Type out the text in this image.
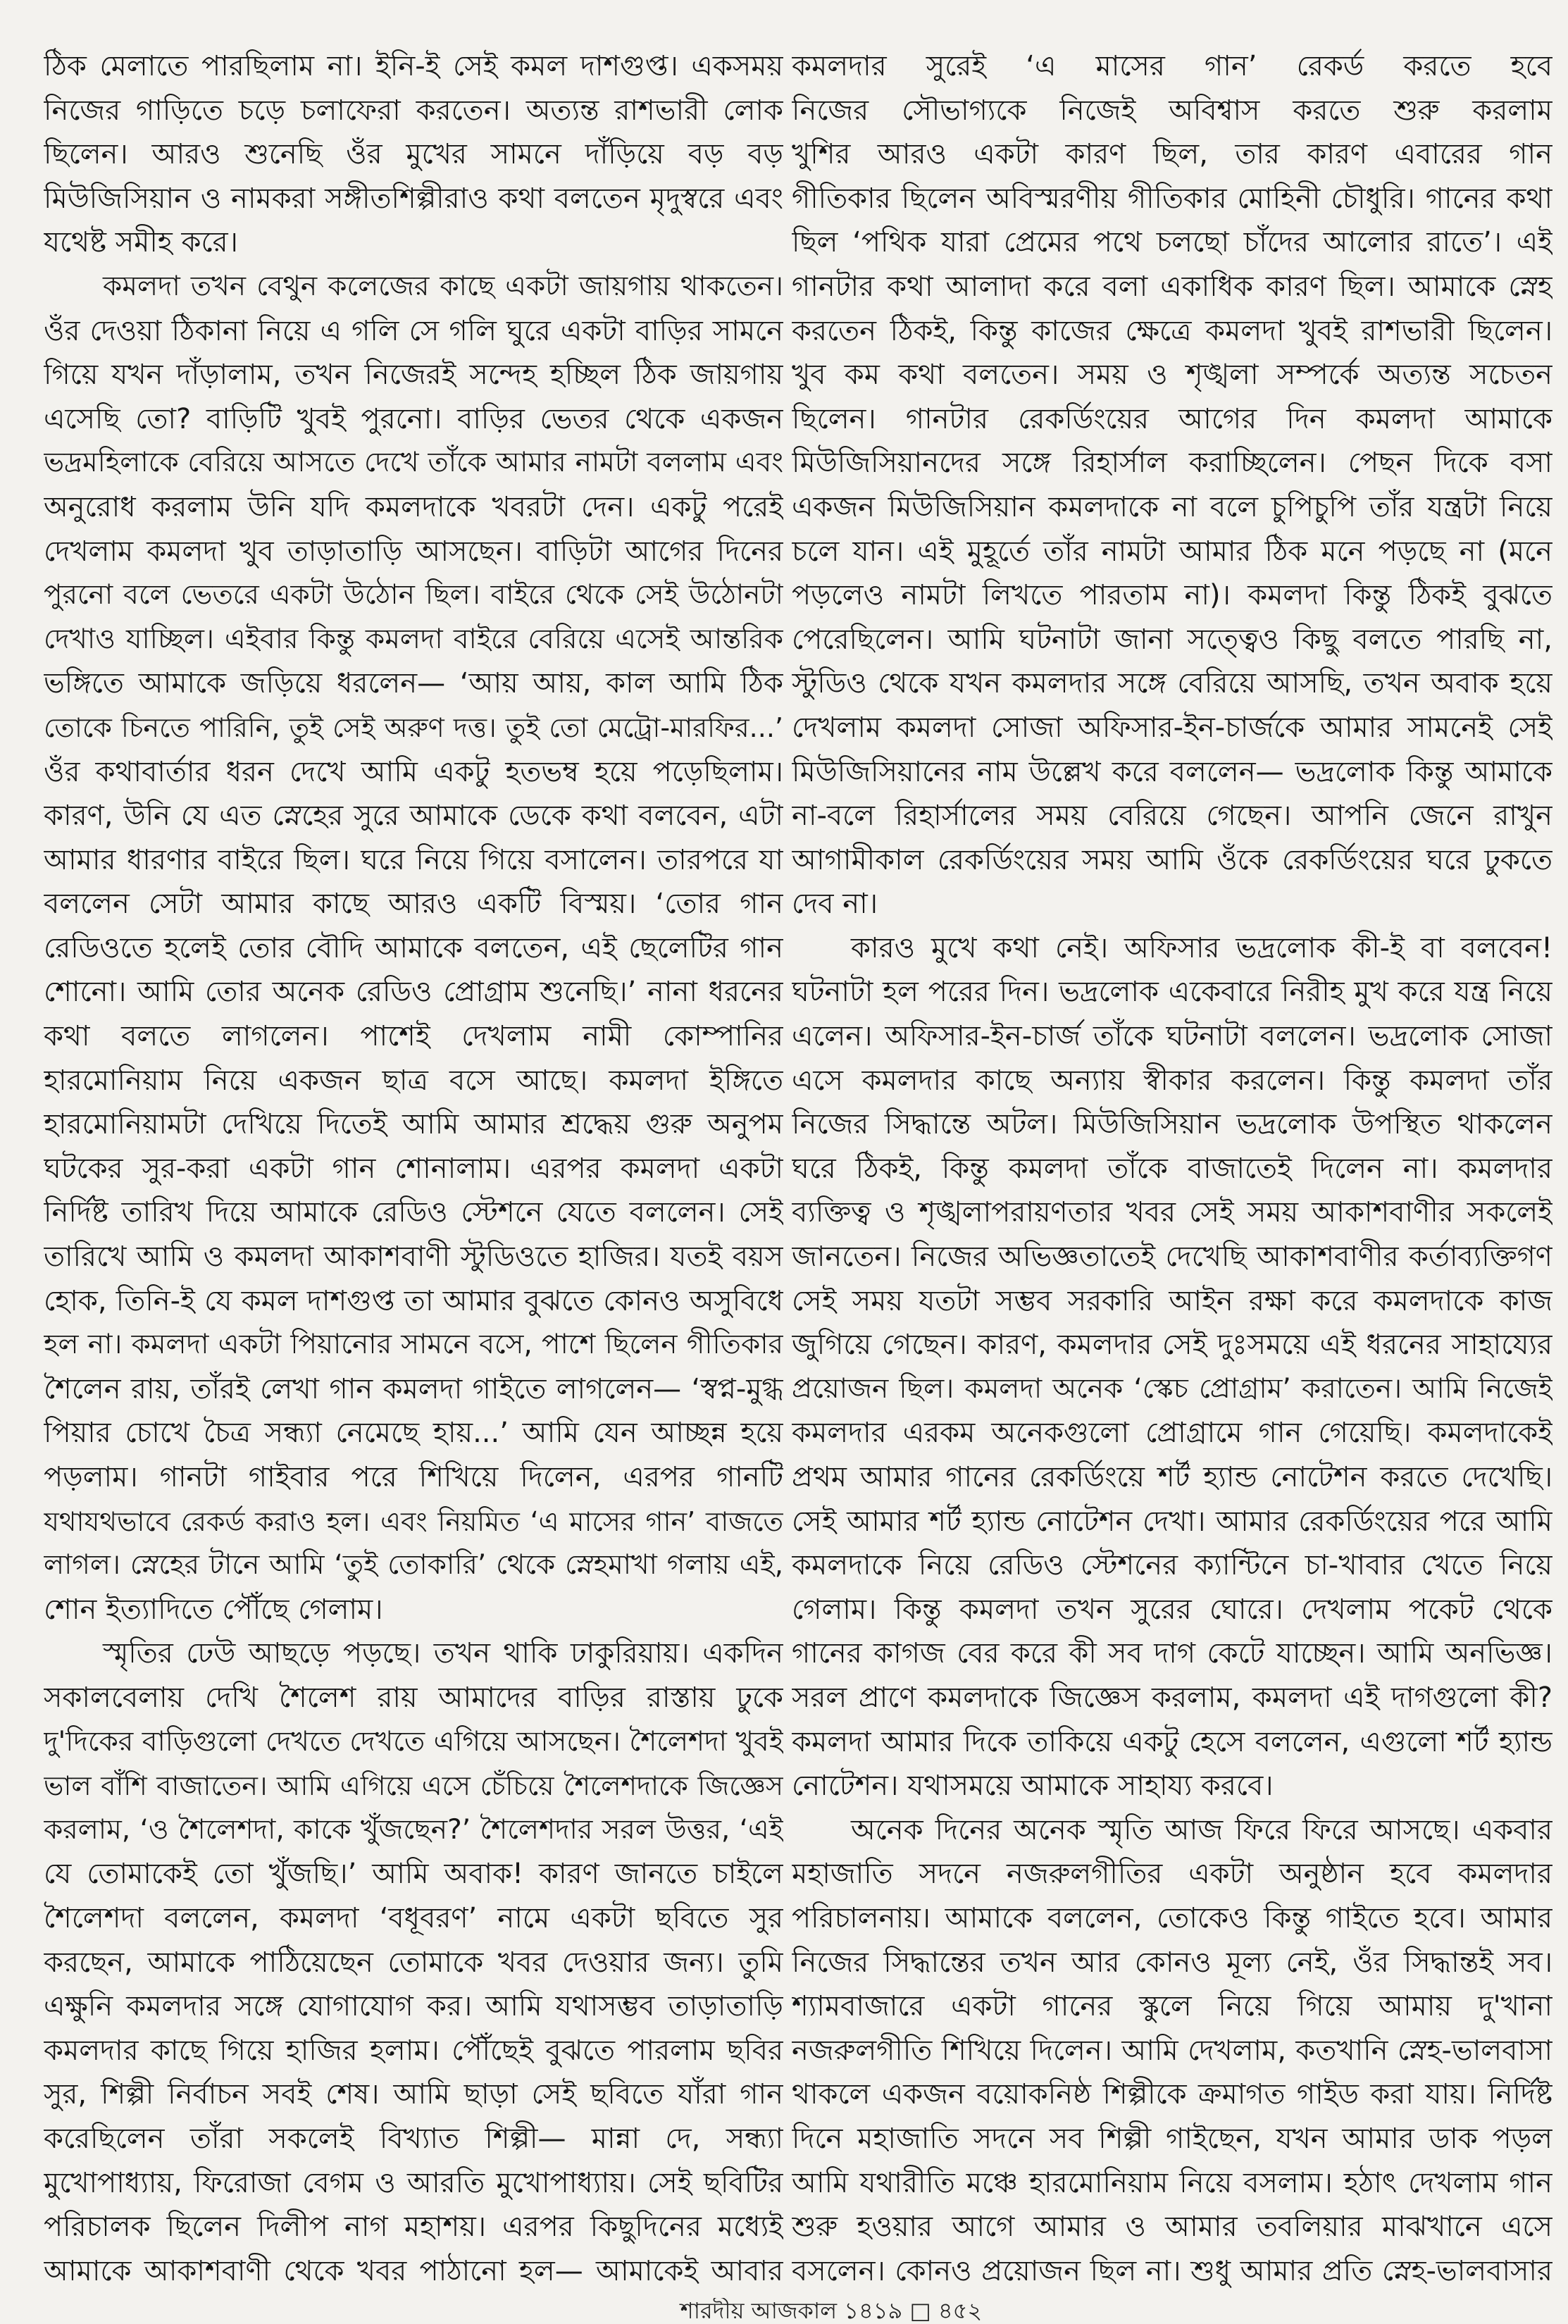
ঠিক মেলাতে পারছিলাম না। ইনি-ই সেই কমল দাশগুপ্ত। একসময়
নিজের গাড়িতে চড়ে চলাফেরা করতেন। অত্যন্ত রাশভারী লোক
ছিলেন। আরও শুনেছি ওঁর মুখের সামনে দাঁড়িয়ে বড় বড়
মিউজিসিয়ান ও নামকরা সঙ্গীতশিল্পীরাও কথা বলতেন মৃদুস্বরে এবং
যথেষ্ট সমীহ করে।
কমলদা তখন বেথুন কলেজের কাছে একটা জায়গায় থাকতেন।
ওঁর দেওয়া ঠিকানা নিয়ে এ গলি সে গলি ঘুরে একটা বাড়ির সামনে
গিয়ে যখন দাঁড়ালাম, তখন নিজেরই সন্দেহ হচ্ছিল ঠিক জায়গায়
এসেছি তো? বাড়িটি খুবই পুরনো। বাড়ির ভেতর থেকে একজন
ভদ্রমহিলাকে বেরিয়ে আসতে দেখে তাঁকে আমার নামটা বললাম এবং
অনুরোধ করলাম উনি যদি কমলদাকে খবরটা দেন। একটু পরেই
দেখলাম কমলদা খুব তাড়াতাড়ি আসছেন। বাড়িটা আগের দিনের
পুরনো বলে ভেতরে একটা উঠোন ছিল। বাইরে থেকে সেই উঠোনটা
দেখাও যাচ্ছিল। এইবার কিন্তু কমলদা বাইরে বেরিয়ে এসেই আন্তরিক
ভঙ্গিতে আমাকে জড়িয়ে ধরলেন— ‘আয় আয়, কাল আমি ঠিক
তোকে চিনতে পারিনি, তুই সেই অরুণ দত্ত। তুই তো মেট্রো-মারফির...’
ওঁর কথাবার্তার ধরন দেখে আমি একটু হতভম্ব হয়ে পড়েছিলাম।
কারণ, উনি যে এত স্নেহের সুরে আমাকে ডেকে কথা বলবেন, এটা
আমার ধারণার বাইরে ছিল। ঘরে নিয়ে গিয়ে বসালেন। তারপরে যা
বললেন সেটা আমার কাছে আরও একটি বিস্ময়। ‘তোর গান
রেডিওতে হলেই তোর বৌদি আমাকে বলতেন, এই ছেলেটির গান
শোনো। আমি তোর অনেক রেডিও প্রোগ্রাম শুনেছি।’ নানা ধরনের
কথা বলতে লাগলেন। পাশেই দেখলাম নামী কোম্পানির
হারমোনিয়াম নিয়ে একজন ছাত্র বসে আছে। কমলদা ইঙ্গিতে
হারমোনিয়ামটা দেখিয়ে দিতেই আমি আমার শ্রদ্ধেয় গুরু অনুপম
ঘটকের সুর-করা একটা গান শোনালাম। এরপর কমলদা একটা
নির্দিষ্ট তারিখ দিয়ে আমাকে রেডিও স্টেশনে যেতে বললেন। সেই
তারিখে আমি ও কমলদা আকাশবাণী স্টুডিওতে হাজির। যতই বয়স
হোক, তিনি-ই যে কমল দাশগুপ্ত তা আমার বুঝতে কোনও অসুবিধে
হল না। কমলদা একটা পিয়ানোর সামনে বসে, পাশে ছিলেন গীতিকার
শৈলেন রায়, তাঁরই লেখা গান কমলদা গাইতে লাগলেন— ‘স্বপ্ন-মুগ্ধ
পিয়ার চোখে চৈত্র সন্ধ্যা নেমেছে হায়...’ আমি যেন আচ্ছন্ন হয়ে
পড়লাম। গানটা গাইবার পরে শিখিয়ে দিলেন, এরপর গানটি
যথাযথভাবে রেকর্ড করাও হল। এবং নিয়মিত ‘এ মাসের গান’ বাজতে
লাগল। স্নেহের টানে আমি ‘তুই তোকারি’ থেকে স্নেহমাখা গলায় এই,
শোন ইত্যাদিতে পৌঁছে গেলাম।
স্মৃতির ঢেউ আছড়ে পড়ছে। তখন থাকি ঢাকুরিয়ায়। একদিন
সকালবেলায় দেখি শৈলেশ রায় আমাদের বাড়ির রাস্তায় ঢুকে
দু'দিকের বাড়িগুলো দেখতে দেখতে এগিয়ে আসছেন। শৈলেশদা খুবই
ভাল বাঁশি বাজাতেন। আমি এগিয়ে এসে চেঁচিয়ে শৈলেশদাকে জিজ্ঞেস
করলাম, ‘ও শৈলেশদা, কাকে খুঁজছেন?’ শৈলেশদার সরল উত্তর, ‘এই
যে তোমাকেই তো খুঁজছি।’ আমি অবাক! কারণ জানতে চাইলে
শৈলেশদা বললেন, কমলদা ‘বধূবরণ’ নামে একটা ছবিতে সুর
করছেন, আমাকে পাঠিয়েছেন তোমাকে খবর দেওয়ার জন্য। তুমি
এক্ষুনি কমলদার সঙ্গে যোগাযোগ কর। আমি যথাসম্ভব তাড়াতাড়ি
কমলদার কাছে গিয়ে হাজির হলাম। পৌঁছেই বুঝতে পারলাম ছবির
সুর, শিল্পী নির্বাচন সবই শেষ। আমি ছাড়া সেই ছবিতে যাঁরা গান
করেছিলেন তাঁরা সকলেই বিখ্যাত শিল্পী— মান্না দে, সন্ধ্যা
মুখোপাধ্যায়, ফিরোজা বেগম ও আরতি মুখোপাধ্যায়। সেই ছবিটির
পরিচালক ছিলেন দিলীপ নাগ মহাশয়। এরপর কিছুদিনের মধ্যেই
আমাকে আকাশবাণী থেকে খবর পাঠানো হল— আমাকেই আবার
কমলদার সুরেই ‘এ মাসের গান’ রেকর্ড করতে হবে
নিজের সৌভাগ্যকে নিজেই অবিশ্বাস করতে শুরু করলাম
খুশির আরও একটা কারণ ছিল, তার কারণ এবারের গান
গীতিকার ছিলেন অবিস্মরণীয় গীতিকার মোহিনী চৌধুরি। গানের কথা
ছিল ‘পথিক যারা প্রেমের পথে চলছো চাঁদের আলোর রাতে’। এই
গানটার কথা আলাদা করে বলা একাধিক কারণ ছিল। আমাকে স্নেহ
করতেন ঠিকই, কিন্তু কাজের ক্ষেত্রে কমলদা খুবই রাশভারী ছিলেন।
খুব কম কথা বলতেন। সময় ও শৃঙ্খলা সম্পর্কে অত্যন্ত সচেতন
ছিলেন। গানটার রেকর্ডিংয়ের আগের দিন কমলদা আমাকে
মিউজিসিয়ানদের সঙ্গে রিহার্সাল করাচ্ছিলেন। পেছন দিকে বসা
একজন মিউজিসিয়ান কমলদাকে না বলে চুপিচুপি তাঁর যন্ত্রটা নিয়ে
চলে যান। এই মুহূর্তে তাঁর নামটা আমার ঠিক মনে পড়ছে না (মনে
পড়লেও নামটা লিখতে পারতাম না)। কমলদা কিন্তু ঠিকই বুঝতে
পেরেছিলেন। আমি ঘটনাটা জানা সত্ত্বেও কিছু বলতে পারছি না,
স্টুডিও থেকে যখন কমলদার সঙ্গে বেরিয়ে আসছি, তখন অবাক হয়ে
দেখলাম কমলদা সোজা অফিসার-ইন-চার্জকে আমার সামনেই সেই
মিউজিসিয়ানের নাম উল্লেখ করে বললেন— ভদ্রলোক কিন্তু আমাকে
না-বলে রিহার্সালের সময় বেরিয়ে গেছেন। আপনি জেনে রাখুন
আগামীকাল রেকর্ডিংয়ের সময় আমি ওঁকে রেকর্ডিংয়ের ঘরে ঢুকতে
দেব না।
কারও মুখে কথা নেই। অফিসার ভদ্রলোক কী-ই বা বলবেন!
ঘটনাটা হল পরের দিন। ভদ্রলোক একেবারে নিরীহ মুখ করে যন্ত্র নিয়ে
এলেন। অফিসার-ইন-চার্জ তাঁকে ঘটনাটা বললেন। ভদ্রলোক সোজা
এসে কমলদার কাছে অন্যায় স্বীকার করলেন। কিন্তু কমলদা তাঁর
নিজের সিদ্ধান্তে অটল। মিউজিসিয়ান ভদ্রলোক উপস্থিত থাকলেন
ঘরে ঠিকই, কিন্তু কমলদা তাঁকে বাজাতেই দিলেন না। কমলদার
ব্যক্তিত্ব ও শৃঙ্খলাপরায়ণতার খবর সেই সময় আকাশবাণীর সকলেই
জানতেন। নিজের অভিজ্ঞতাতেই দেখেছি আকাশবাণীর কর্তাব্যক্তিগণ
সেই সময় যতটা সম্ভব সরকারি আইন রক্ষা করে কমলদাকে কাজ
জুগিয়ে গেছেন। কারণ, কমলদার সেই দুঃসময়ে এই ধরনের সাহায্যের
প্রয়োজন ছিল। কমলদা অনেক ‘স্কেচ প্রোগ্রাম’ করাতেন। আমি নিজেই
কমলদার এরকম অনেকগুলো প্রোগ্রামে গান গেয়েছি। কমলদাকেই
প্রথম আমার গানের রেকর্ডিংয়ে শর্ট হ্যান্ড নোটেশন করতে দেখেছি।
সেই আমার শর্ট হ্যান্ড নোটেশন দেখা। আমার রেকর্ডিংয়ের পরে আমি
কমলদাকে নিয়ে রেডিও স্টেশনের ক্যান্টিনে চা-খাবার খেতে নিয়ে
গেলাম। কিন্তু কমলদা তখন সুরের ঘোরে। দেখলাম পকেট থেকে
গানের কাগজ বের করে কী সব দাগ কেটে যাচ্ছেন। আমি অনভিজ্ঞ।
সরল প্রাণে কমলদাকে জিজ্ঞেস করলাম, কমলদা এই দাগগুলো কী?
কমলদা আমার দিকে তাকিয়ে একটু হেসে বললেন, এগুলো শর্ট হ্যান্ড
নোটেশন। যথাসময়ে আমাকে সাহায্য করবে।
অনেক দিনের অনেক স্মৃতি আজ ফিরে ফিরে আসছে। একবার
মহাজাতি সদনে নজরুলগীতির একটা অনুষ্ঠান হবে কমলদার
পরিচালনায়। আমাকে বললেন, তোকেও কিন্তু গাইতে হবে। আমার
নিজের সিদ্ধান্তের তখন আর কোনও মূল্য নেই, ওঁর সিদ্ধান্তই সব।
শ্যামবাজারে একটা গানের স্কুলে নিয়ে গিয়ে আমায় দু'খানা
নজরুলগীতি শিখিয়ে দিলেন। আমি দেখলাম, কতখানি স্নেহ-ভালবাসা
থাকলে একজন বয়োকনিষ্ঠ শিল্পীকে ক্রমাগত গাইড করা যায়। নির্দিষ্ট
দিনে মহাজাতি সদনে সব শিল্পী গাইছেন, যখন আমার ডাক পড়ল
আমি যথারীতি মঞ্চে হারমোনিয়াম নিয়ে বসলাম। হঠাৎ দেখলাম গান
শুরু হওয়ার আগে আমার ও আমার তবলিয়ার মাঝখানে এসে
বসলেন। কোনও প্রয়োজন ছিল না। শুধু আমার প্রতি স্নেহ-ভালবাসার
শারদীয় আজকাল ১৪১৯ □ ৪৫২
